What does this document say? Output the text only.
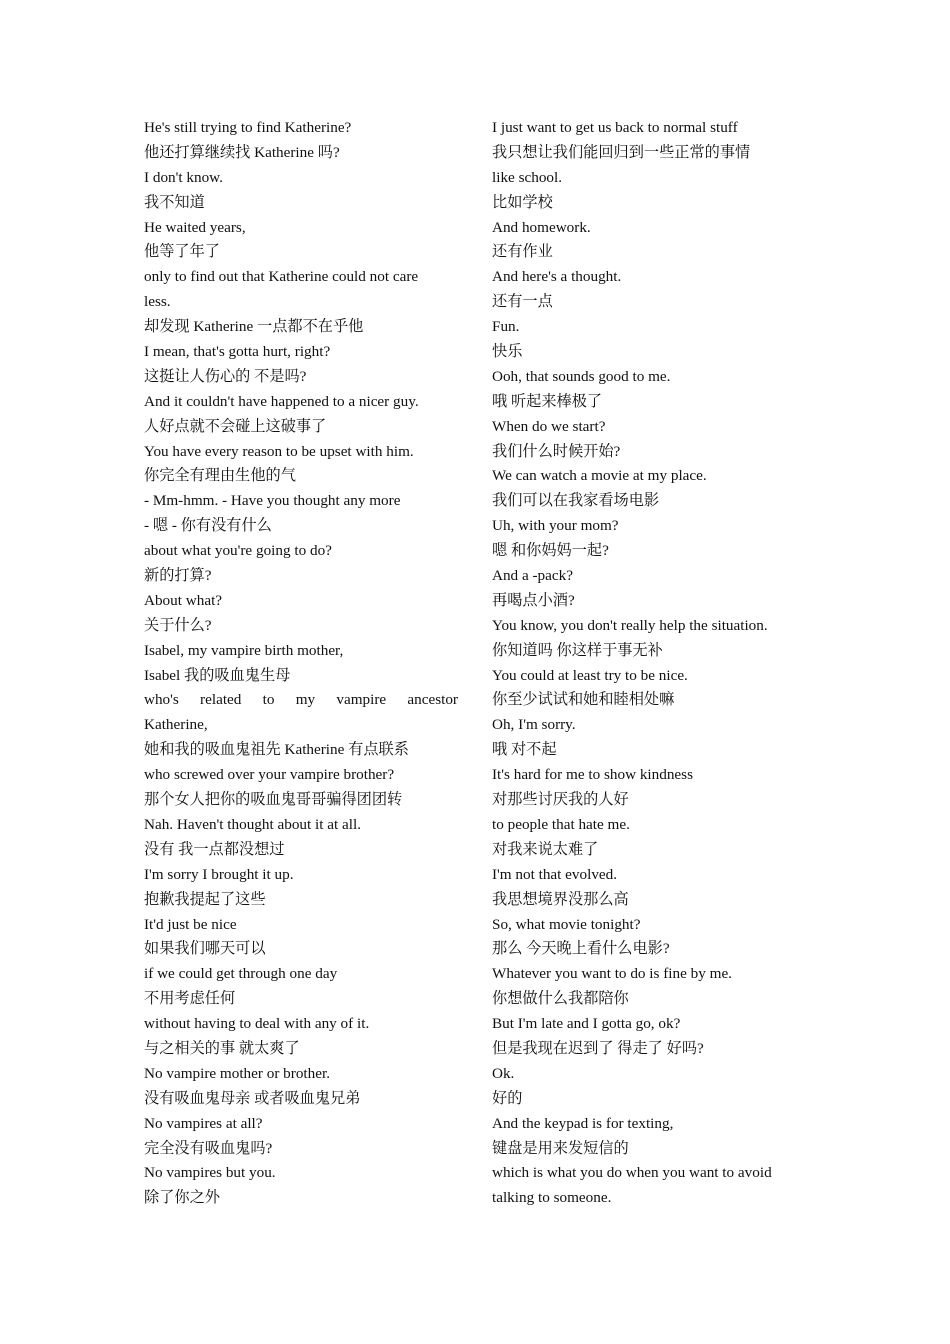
He's still trying to find Katherine?
他还打算继续找 Katherine 吗?
I don't know.
我不知道
He waited years,
他等了年了
only to find out that Katherine could not care
less.
却发现 Katherine 一点都不在乎他
I mean, that's gotta hurt, right?
这挺让人伤心的 不是吗?
And it couldn't have happened to a nicer guy.
人好点就不会碰上这破事了
You have every reason to be upset with him.
你完全有理由生他的气
- Mm-hmm. - Have you thought any more
- 嗯 - 你有没有什么
about what you're going to do?
新的打算?
About what?
关于什么?
Isabel, my vampire birth mother,
Isabel 我的吸血鬼生母
who's related to my vampire ancestor
Katherine,
她和我的吸血鬼祖先 Katherine 有点联系
who screwed over your vampire brother?
那个女人把你的吸血鬼哥哥骗得团团转
Nah. Haven't thought about it at all.
没有 我一点都没想过
I'm sorry I brought it up.
抱歉我提起了这些
It'd just be nice
如果我们哪天可以
if we could get through one day
不用考虑任何
without having to deal with any of it.
与之相关的事 就太爽了
No vampire mother or brother.
没有吸血鬼母亲 或者吸血鬼兄弟
No vampires at all?
完全没有吸血鬼吗?
No vampires but you.
除了你之外
I just want to get us back to normal stuff
我只想让我们能回归到一些正常的事情
like school.
比如学校
And homework.
还有作业
And here's a thought.
还有一点
Fun.
快乐
Ooh, that sounds good to me.
哦 听起来棒极了
When do we start?
我们什么时候开始?
We can watch a movie at my place.
我们可以在我家看场电影
Uh, with your mom?
嗯 和你妈妈一起?
And a -pack?
再喝点小酒?
You know, you don't really help the situation.
你知道吗 你这样于事无补
You could at least try to be nice.
你至少试试和她和睦相处嘛
Oh, I'm sorry.
哦 对不起
It's hard for me to show kindness
对那些讨厌我的人好
to people that hate me.
对我来说太难了
I'm not that evolved.
我思想境界没那么高
So, what movie tonight?
那么 今天晚上看什么电影?
Whatever you want to do is fine by me.
你想做什么我都陪你
But I'm late and I gotta go, ok?
但是我现在迟到了 得走了 好吗?
Ok.
好的
And the keypad is for texting,
键盘是用来发短信的
which is what you do when you want to avoid
talking to someone.
